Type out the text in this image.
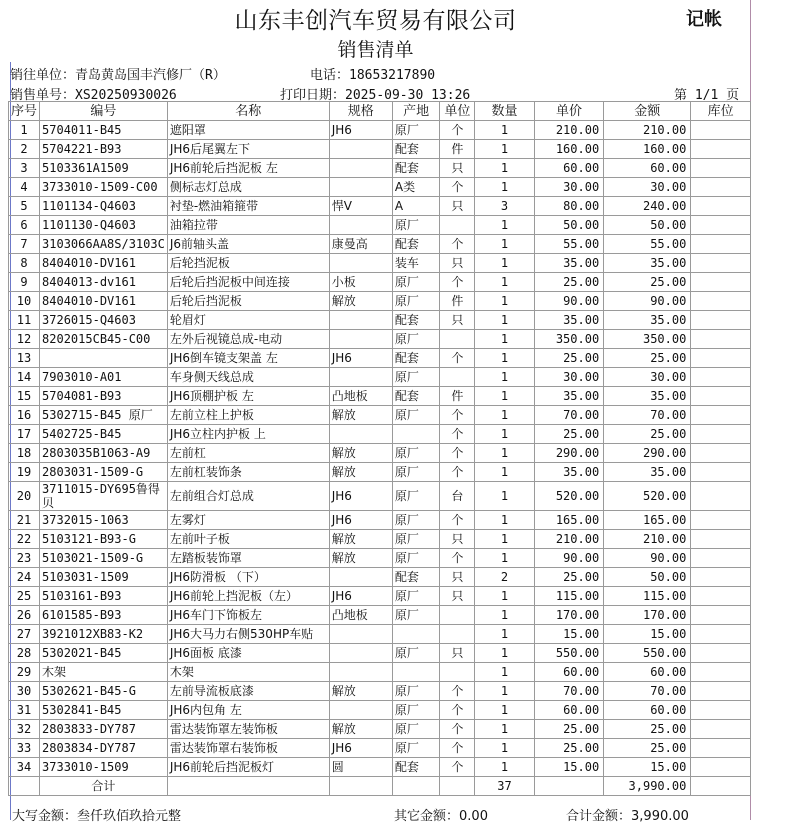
山东丰创汽车贸易有限公司	记帐
销售清单
销往单位：青岛黄岛国丰汽修厂（R）	电话：18653217890
销售单号：XS20250930026	打印日期：2025-09-30 13:26	第 1/1 页
序号	编号	名称	规格	产地	单位	数量	单价	金额	库位
1	5704011-B45	遮阳罩	JH6	原厂	个	1	210.00	210.00	
2	5704221-B93	JH6后尾翼左下		配套	件	1	160.00	160.00	
3	5103361A1509	JH6前轮后挡泥板 左		配套	只	1	60.00	60.00	
4	3733010-1509-C00	侧标志灯总成		A类	个	1	30.00	30.00	
5	1101134-Q4603	衬垫-燃油箱箍带	悍V	A	只	3	80.00	240.00	
6	1101130-Q4603	油箱拉带		原厂		1	50.00	50.00	
7	3103066AA8S/3103C	J6前轴头盖	康曼高	配套	个	1	55.00	55.00	
8	8404010-DV161	后轮挡泥板		装车	只	1	35.00	35.00	
9	8404013-dv161	后轮后挡泥板中间连接	小板	原厂	个	1	25.00	25.00	
10	8404010-DV161	后轮后挡泥板	解放	原厂	件	1	90.00	90.00	
11	3726015-Q4603	轮眉灯		配套	只	1	35.00	35.00	
12	8202015CB45-C00	左外后视镜总成-电动		原厂		1	350.00	350.00	
13		JH6倒车镜支架盖 左	JH6	配套	个	1	25.00	25.00	
14	7903010-A01	车身侧天线总成		原厂		1	30.00	30.00	
15	5704081-B93	JH6顶棚护板 左	凸地板	配套	件	1	35.00	35.00	
16	5302715-B45 原厂	左前立柱上护板	解放	原厂	个	1	70.00	70.00	
17	5402725-B45	JH6立柱内护板 上			个	1	25.00	25.00	
18	2803035B1063-A9	左前杠	解放	原厂	个	1	290.00	290.00	
19	2803031-1509-G	左前杠装饰条	解放	原厂	个	1	35.00	35.00	
20	3711015-DY695鲁得贝	左前组合灯总成	JH6	原厂	台	1	520.00	520.00	
21	3732015-1063	左雾灯	JH6	原厂	个	1	165.00	165.00	
22	5103121-B93-G	左前叶子板	解放	原厂	只	1	210.00	210.00	
23	5103021-1509-G	左踏板装饰罩	解放	原厂	个	1	90.00	90.00	
24	5103031-1509	JH6防滑板 （下）		配套	只	2	25.00	50.00	
25	5103161-B93	JH6前轮上挡泥板（左）	JH6	原厂	只	1	115.00	115.00	
26	6101585-B93	JH6车门下饰板左	凸地板	原厂		1	170.00	170.00	
27	3921012XB83-K2	JH6大马力右侧530HP车贴				1	15.00	15.00	
28	5302021-B45	JH6面板 底漆		原厂	只	1	550.00	550.00	
29	木架	木架				1	60.00	60.00	
30	5302621-B45-G	左前导流板底漆	解放	原厂	个	1	70.00	70.00	
31	5302841-B45	JH6内包角 左		原厂	个	1	60.00	60.00	
32	2803833-DY787	雷达装饰罩左装饰板	解放	原厂	个	1	25.00	25.00	
33	2803834-DY787	雷达装饰罩右装饰板	JH6	原厂	个	1	25.00	25.00	
34	3733010-1509	JH6前轮后挡泥板灯	圆	配套	个	1	15.00	15.00	
	合计					37		3,990.00	
大写金额：叁仟玖佰玖拾元整	其它金额：0.00	合计金额：3,990.00
